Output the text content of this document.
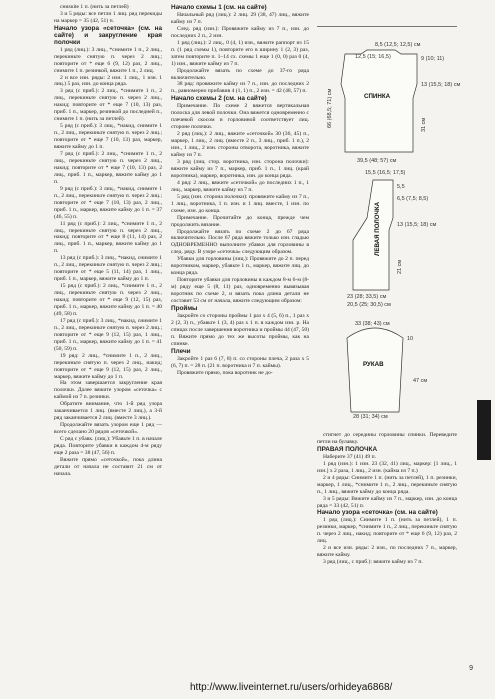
сниsnite 1 п. (нить за петлей)

3 и 5 ряды: все петли 1 лиц. ряд перекиды на маркер = 35 (42, 51) п.

Начало узора «сеточка» (см. на сайте) и закругление края полочки

1 ряд (лиц.): 3 лиц., *снимите 1 п., 2 лиц., перекиньте снятую п. через 2 лиц.; повторите от * еще 6 (9, 12) раз, 2 лиц., снимите 1 п. резинкой, вяжите 1 п., 2 лиц.

2 и все изн. ряды: 2 изн. 1 лиц., 1 изн. 1 лиц.) 5 раз, изн. до конца ряда.

3 ряд (с приб.): 2 лиц., *снимите 1 п., 2 лиц., перекиньте снятую п. через 2 лиц., накид; повторите от * еще 7 (10, 13) раз, приб. 1 п., маркер, резинкой до последней п., снимите 1 п. (нить за петлей).

5 ряд (с приб.): 3 лиц., *накид, снимите 1 п., 2 лиц., перекиньте снятую п. через 2 лиц.; повторите от * еще 7 (10, 13) раз, маркер, вяжите кайму до 1 п.

7 ряд (с приб.): 2 лиц., *снимите 1 п., 2 лиц., перекиньте снятую п. через 2 лиц., накид; повторите от * еще 7 (10, 13) раз, 2 лиц., приб. 1 п., маркер, вяжите кайму до 1 п.

9 ряд (с приб.): 3 лиц., *накид, снимите 1 п., 2 лиц., перекиньте снятую п. через 2 лиц.; повторите от * еще 7 (10, 13) раз, 2 лиц., приб. 1 п., маркер, вяжите кайму до 1 п. = 37 (46, 55) п.

11 ряд (с приб.): 2 лиц., *снимите 1 п., 2 лиц., перекиньте снятую п. через 2 лиц., накид; повторите от * еще 8 (11, 14) раз, 2 лиц., приб. 1 п., маркер, вяжите кайму до 1 п.

13 ряд (с приб.): 3 лиц., *накид, снимите 1 п., 2 лиц., перекиньте снятую п. через 2 лиц.; повторите от * еще 5 (11, 14) раз, 1 лиц., приб. 1 п., маркер, вяжите кайму до 1 п.

15 ряд (с приб.): 2 лиц., *снимите 1 п., 2 лиц., перекиньте снятую п. через 2 лиц., накид; повторите от * еще 9 (12, 15) раз, приб. 1 п., маркер, вяжите кайму до 1 п. = 40 (49, 58) п.

17 ряд (с приб.): 3 лиц., *накид, снимите 1 п., 2 лиц., перекиньте снятую п. через 2 лиц.; повторите от * еще 9 (12, 15) раз, 1 лиц., приб. 1 п., маркер, вяжите кайму до 1 п. = 41 (50, 59) п.

19 ряд: 2 лиц., *снимите 1 п., 2 лиц., перекиньте снятую п. через 2 лиц., накид; повторите от * еще 9 (12, 15) раз, 2 лиц., маркер, вяжите кайму до 1 п.

На этом завершается закругление края полочки. Далее вяжите узором «сеточка» с каймой из 7 п. резинки.

Обратите внимание, что 1-й ряд узора заканчивается 1 лиц. (вместе 2 лиц.), а 3-й ряд заканчивается 2 лиц. (вместе 3 лиц.).

Продолжайте вязать узором еще 1 ряд — всего сделано 20 рядов «сеточкой».

С ряд с убавк. (лиц.): Убавьте 1 п. в начале ряда. Повторите убавки в каждом 4-м ряду еще 2 раза = 38 (47, 56) п.

Вяжите прямо «сеточкой», пока длина детали от начала не составит 21 см от начала.

Начало схемы 1 (см. на сайте)

Начальный ряд (лиц.): 2 лиц. 29 (38, 47) лиц., вяжите кайму из 7 п.

След. ряд (изн.): Провяжите кайму из 7 п., изн. до последних 2 п., 2 изн.

1 ряд (лиц.): 2 лиц., 0 (4, 1) изн., вяжите раппорт из 15 п. (1 ряд схемы 1), повторите его в ширину 1 (2, 3) раз, затем повторите п. 1–14 сх. схемы 1 еще 1 (0, 0) раз 0 (4, 1) изн., вяжите кайму из 7 п.

Продолжайте вязать по схеме до 37-го ряда включительно.

38 ряд: провяжите кайму из 7 п., изн. до последних 2 п., равномерно прибавив 4 (1, 1) п., 2 изн. = 42 (48, 57) п.

Начало схемы 2 (см. на сайте)

Примечание. По схеме 2 вяжется вертикальная полоска для левой полочки. Она вяжется одновременно с плечевой скосом и горловиной соответствует лиц. стороне полочки.

2 ряд (лиц.): 2 лиц., вяжите «сеточкой» 30 (36, 45) п., маркер, 1 лиц., 2 лиц. (вместе 2 п., 3 лиц., приб. 1 п.), 2 изн., 1 лиц., 2 изн. стороны отворота, воротника, вяжите кайму из 7 п.

3 ряд (лиц. стор. воротника, изн. сторона полочки): вяжите кайму из 7 п., маркер, приб. 1 п., 1 лиц. (край воротника), маркер, воротника, изн. до конца ряда.

4 ряд: 2 лиц., вяжите «сеточкой» до последних 1 п., 1 лиц., маркер, вяжите кайму из 7 п.

5 ряд (изн. сторона полочки): провяжите кайму из 7 п., 1 лиц., воротника, 1 п. изн. и 1 лиц. вместе, 1 изн. по схеме, изн. до конца.

Примечание. Прочитайте до конца, прежде чем продолжить вязание.

Продолжайте вязать по схеме 2 до 67 ряда включительно. После 67 ряда вяжите только изн. гладью ОДНОВРЕМЕННО выполните убавки для горловины в след. ряду. В узоре «сеточка» следующим образом.

Убавки для горловины (лиц.): Провяжите до 2 п. перед воротником, маркер, убавьте 1 п., маркер, вяжите лиц. до конца ряда.

Повторите убавки для горловины в каждом 8-м 6-м (8-м) ряду еще 5 (8, 11) раз, одновременно вывязывая воротник по схеме 2, и вязать пока длина детали не составит 53 см от начала, вяжите следующим образом:

Проймы

Закройте со стороны проймы 1 раз x 4 (5, 6) п., 1 раз x 2 (2, 3) п., убавьте 1 (3, 4) раз x 1 п. в каждом изн. р. На спицах после завершения воротника и проймы 44 (47, 50) п. Вяжите прямо до тех же высоты проймы, как на спинке.

Плечи

Закройте 1 раз 6 (7, 8) п. со стороны плеча, 2 раза x 5 (6, 7) п. = 28 п. (21 п. воротника и 7 п. каймы).

Провяжите прямо, пока воротник не до-

стигнет до середины горловины спинки. Переведите петли на булавку.

ПРАВАЯ ПОЛОЧКА

Наберите 37 (41) 49 п.

1 ряд (изн.): 1 изн. 23 (32, 41) лиц., маркер: [1 лиц., 1 изн.] x 2 раза, 1 лиц., 2 изн. (кайма из 7 п.)

2 и 4 ряды: Снимите 1 п. (нить за петлей), 1 п. резинки, маркер, 1 лиц., *снимите 1 п., 2 лиц., перекиньте снятую п., 1 лиц., вяжите кайму до конца ряда.

3 и 5 ряды: Вяжите кайму из 7 п., маркер, изн. до конца ряда = 33 (42, 51) п.

Начало узора «сеточка» (см. на сайте)

1 ряд (лиц.): Снимите 1 п. (нить за петлей), 1 п. резинки, маркер, *снимите 1 п., 2 лиц., перекиньте снятую п. через 2 лиц., накид; повторите от * еще 6 (9, 12) раз, 2 лиц.

2 и все изн. ряды: 2 изн., по последних 7 п., маркер, вяжите кайму.

3 ряд (лиц., с приб.): вяжите кайму из 7 п.

8,5 (12,5; 12,5) см
12,5 (15; 16,5)	9 (10; 11)
13 (15,5; 18) см
66 (68,5; 71) см	31 см
СПИНКА
39,5 (48; 57) см
15,5 (16,5; 17,5)
5,5
6,5 (7,5; 8,5)
13 (15,5; 18) см
21 см
ЛЕВАЯ ПОЛОЧКА
23 (28; 33,5) см
20,5 (25; 30,5) см
33 (38; 43) см
10
47 см
РУКАВ
28 (31; 34) см
9
http://www.liveinternet.ru/users/orhideya6868/
